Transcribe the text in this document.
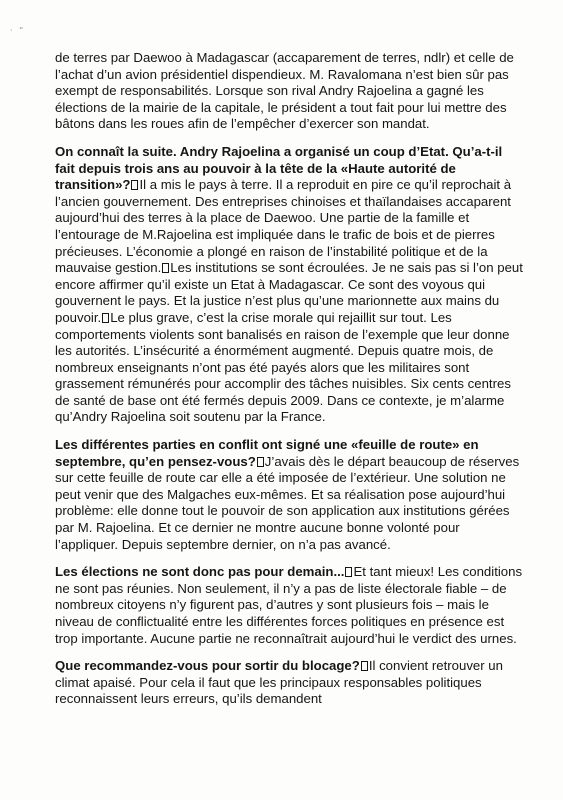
· “

de terres par Daewoo à Madagascar (accaparement de terres, ndlr) et celle de l’achat d’un avion présidentiel dispendieux. M. Ravalomana n’est bien sûr pas exempt de responsabilités. Lorsque son rival Andry Rajoelina a gagné les élections de la mairie de la capitale, le président a tout fait pour lui mettre des bâtons dans les roues afin de l’empêcher d’exercer son mandat.

On connaît la suite. Andry Rajoelina a organisé un coup d’Etat. Qu’a-t-il fait depuis trois ans au pouvoir à la tête de la «Haute autorité de transition»? Il a mis le pays à terre. Il a reproduit en pire ce qu’il reprochait à l’ancien gouvernement. Des entreprises chinoises et thaïlandaises accaparent aujourd’hui des terres à la place de Daewoo. Une partie de la famille et l’entourage de M.Rajoelina est impliquée dans le trafic de bois et de pierres précieuses. L’économie a plongé en raison de l’instabilité politique et de la mauvaise gestion. Les institutions se sont écroulées. Je ne sais pas si l’on peut encore affirmer qu’il existe un Etat à Madagascar. Ce sont des voyous qui gouvernent le pays. Et la justice n’est plus qu’une marionnette aux mains du pouvoir. Le plus grave, c’est la crise morale qui rejaillit sur tout. Les comportements violents sont banalisés en raison de l’exemple que leur donne les autorités. L’insécurité a énormément augmenté. Depuis quatre mois, de nombreux enseignants n’ont pas été payés alors que les militaires sont grassement rémunérés pour accomplir des tâches nuisibles. Six cents centres de santé de base ont été fermés depuis 2009. Dans ce contexte, je m’alarme qu’Andry Rajoelina soit soutenu par la France.

Les différentes parties en conflit ont signé une «feuille de route» en septembre, qu’en pensez-vous? J’avais dès le départ beaucoup de réserves sur cette feuille de route car elle a été imposée de l’extérieur. Une solution ne peut venir que des Malgaches eux-mêmes. Et sa réalisation pose aujourd’hui problème: elle donne tout le pouvoir de son application aux institutions gérées par M. Rajoelina. Et ce dernier ne montre aucune bonne volonté pour l’appliquer. Depuis septembre dernier, on n’a pas avancé.

Les élections ne sont donc pas pour demain... Et tant mieux! Les conditions ne sont pas réunies. Non seulement, il n’y a pas de liste électorale fiable – de nombreux citoyens n’y figurent pas, d’autres y sont plusieurs fois – mais le niveau de conflictualité entre les différentes forces politiques en présence est trop importante. Aucune partie ne reconnaîtrait aujourd’hui le verdict des urnes.

Que recommandez-vous pour sortir du blocage? Il convient retrouver un climat apaisé. Pour cela il faut que les principaux responsables politiques reconnaissent leurs erreurs, qu’ils demandent
